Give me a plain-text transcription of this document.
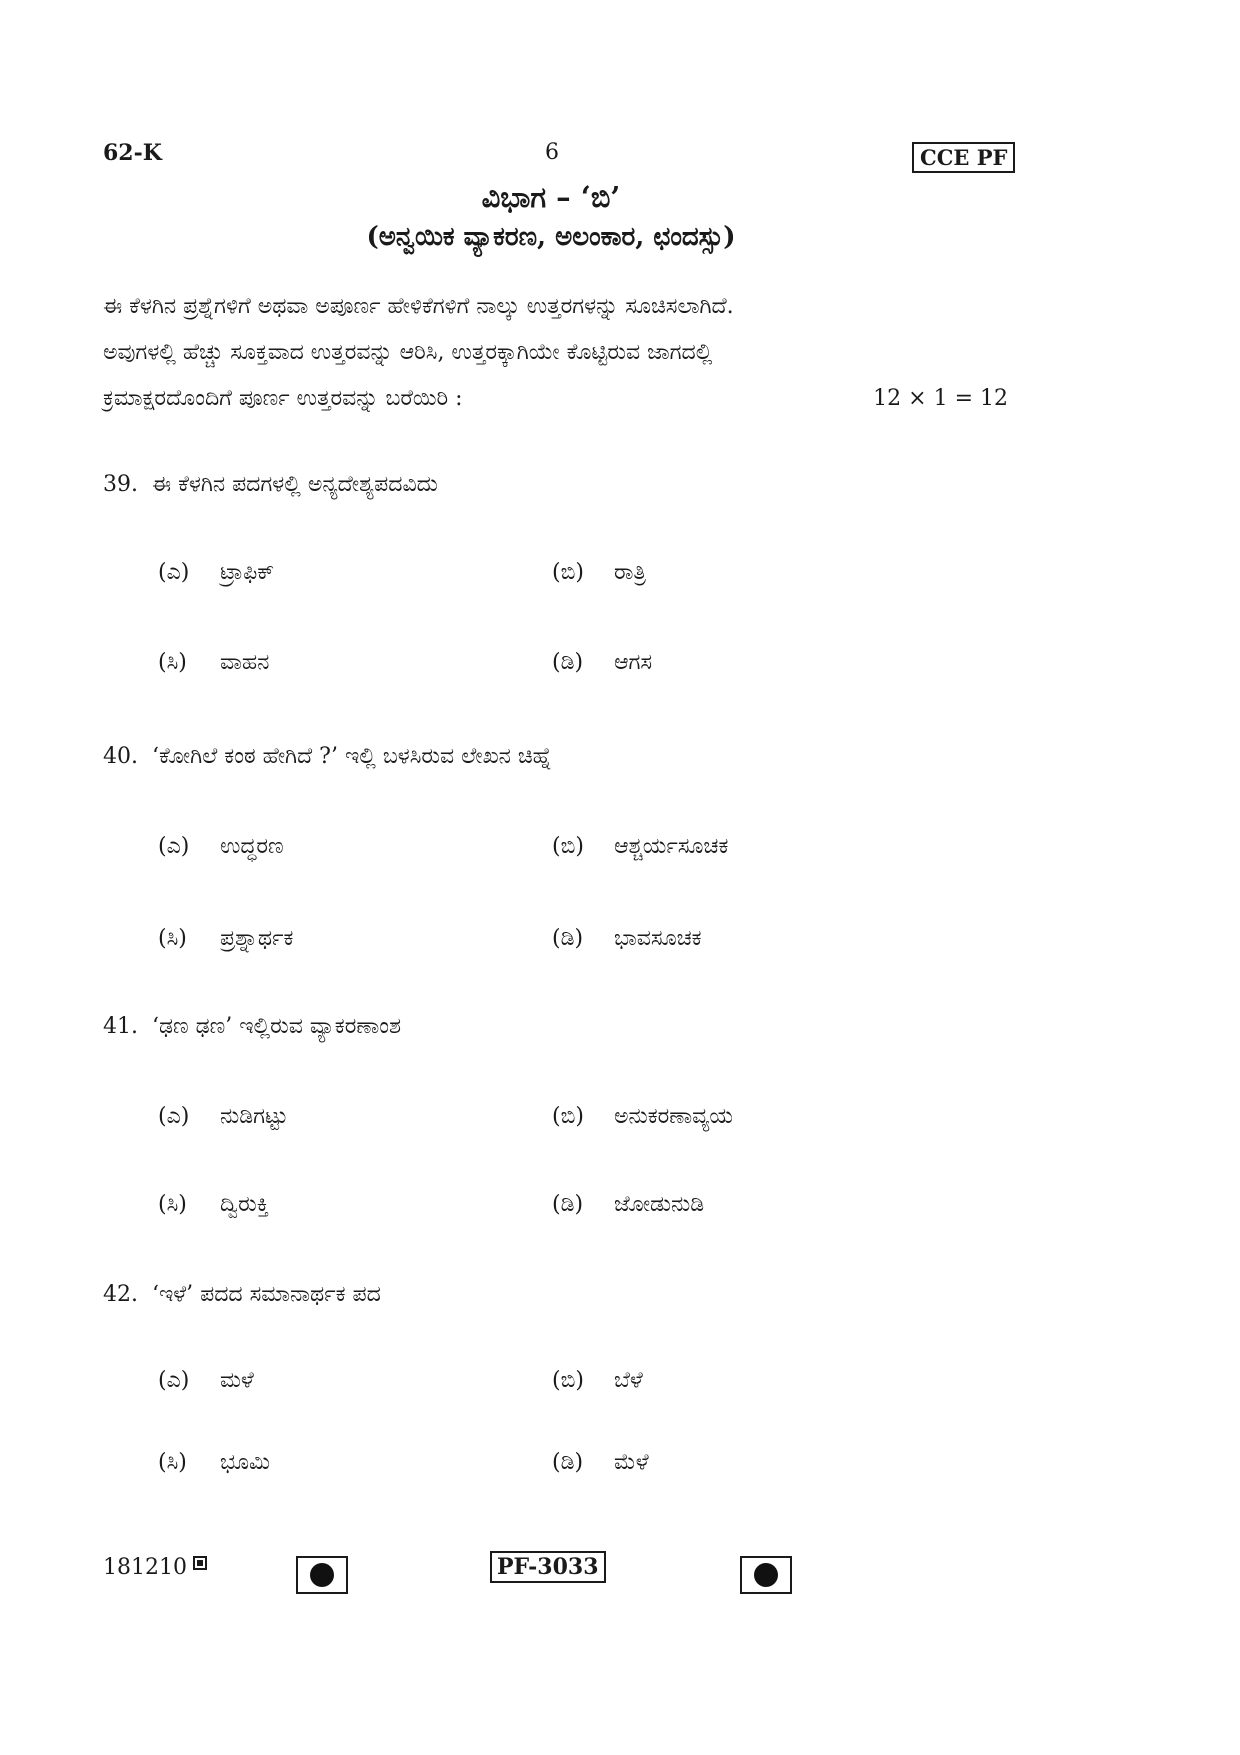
62-K	6	CCE PF
ವಿಭಾಗ – ‘ಬಿ’
(ಅನ್ವಯಿಕ ವ್ಯಾಕರಣ, ಅಲಂಕಾರ, ಛಂದಸ್ಸು)
ಈ ಕೆಳಗಿನ ಪ್ರಶ್ನೆಗಳಿಗೆ ಅಥವಾ ಅಪೂರ್ಣ ಹೇಳಿಕೆಗಳಿಗೆ ನಾಲ್ಕು ಉತ್ತರಗಳನ್ನು ಸೂಚಿಸಲಾಗಿದೆ.
ಅವುಗಳಲ್ಲಿ ಹೆಚ್ಚು ಸೂಕ್ತವಾದ ಉತ್ತರವನ್ನು ಆರಿಸಿ, ಉತ್ತರಕ್ಕಾಗಿಯೇ ಕೊಟ್ಟಿರುವ ಜಾಗದಲ್ಲಿ
ಕ್ರಮಾಕ್ಷರದೊಂದಿಗೆ ಪೂರ್ಣ ಉತ್ತರವನ್ನು ಬರೆಯಿರಿ :	12 × 1 = 12
39. ಈ ಕೆಳಗಿನ ಪದಗಳಲ್ಲಿ ಅನ್ಯದೇಶ್ಯಪದವಿದು
(ಎ) ಟ್ರಾಫಿಕ್	(ಬಿ) ರಾತ್ರಿ
(ಸಿ) ವಾಹನ	(ಡಿ) ಆಗಸ
40. ‘ಕೋಗಿಲೆ ಕಂಠ ಹೇಗಿದೆ ?’ ಇಲ್ಲಿ ಬಳಸಿರುವ ಲೇಖನ ಚಿಹ್ನೆ
(ಎ) ಉದ್ಧರಣ	(ಬಿ) ಆಶ್ಚರ್ಯಸೂಚಕ
(ಸಿ) ಪ್ರಶ್ನಾರ್ಥಕ	(ಡಿ) ಭಾವಸೂಚಕ
41. ‘ಢಣ ಢಣ’ ಇಲ್ಲಿರುವ ವ್ಯಾಕರಣಾಂಶ
(ಎ) ನುಡಿಗಟ್ಟು	(ಬಿ) ಅನುಕರಣಾವ್ಯಯ
(ಸಿ) ದ್ವಿರುಕ್ತಿ	(ಡಿ) ಜೋಡುನುಡಿ
42. ‘ಇಳೆ’ ಪದದ ಸಮಾನಾರ್ಥಕ ಪದ
(ಎ) ಮಳೆ	(ಬಿ) ಬೆಳೆ
(ಸಿ) ಭೂಮಿ	(ಡಿ) ಮೆಳೆ
181210	PF-3033
